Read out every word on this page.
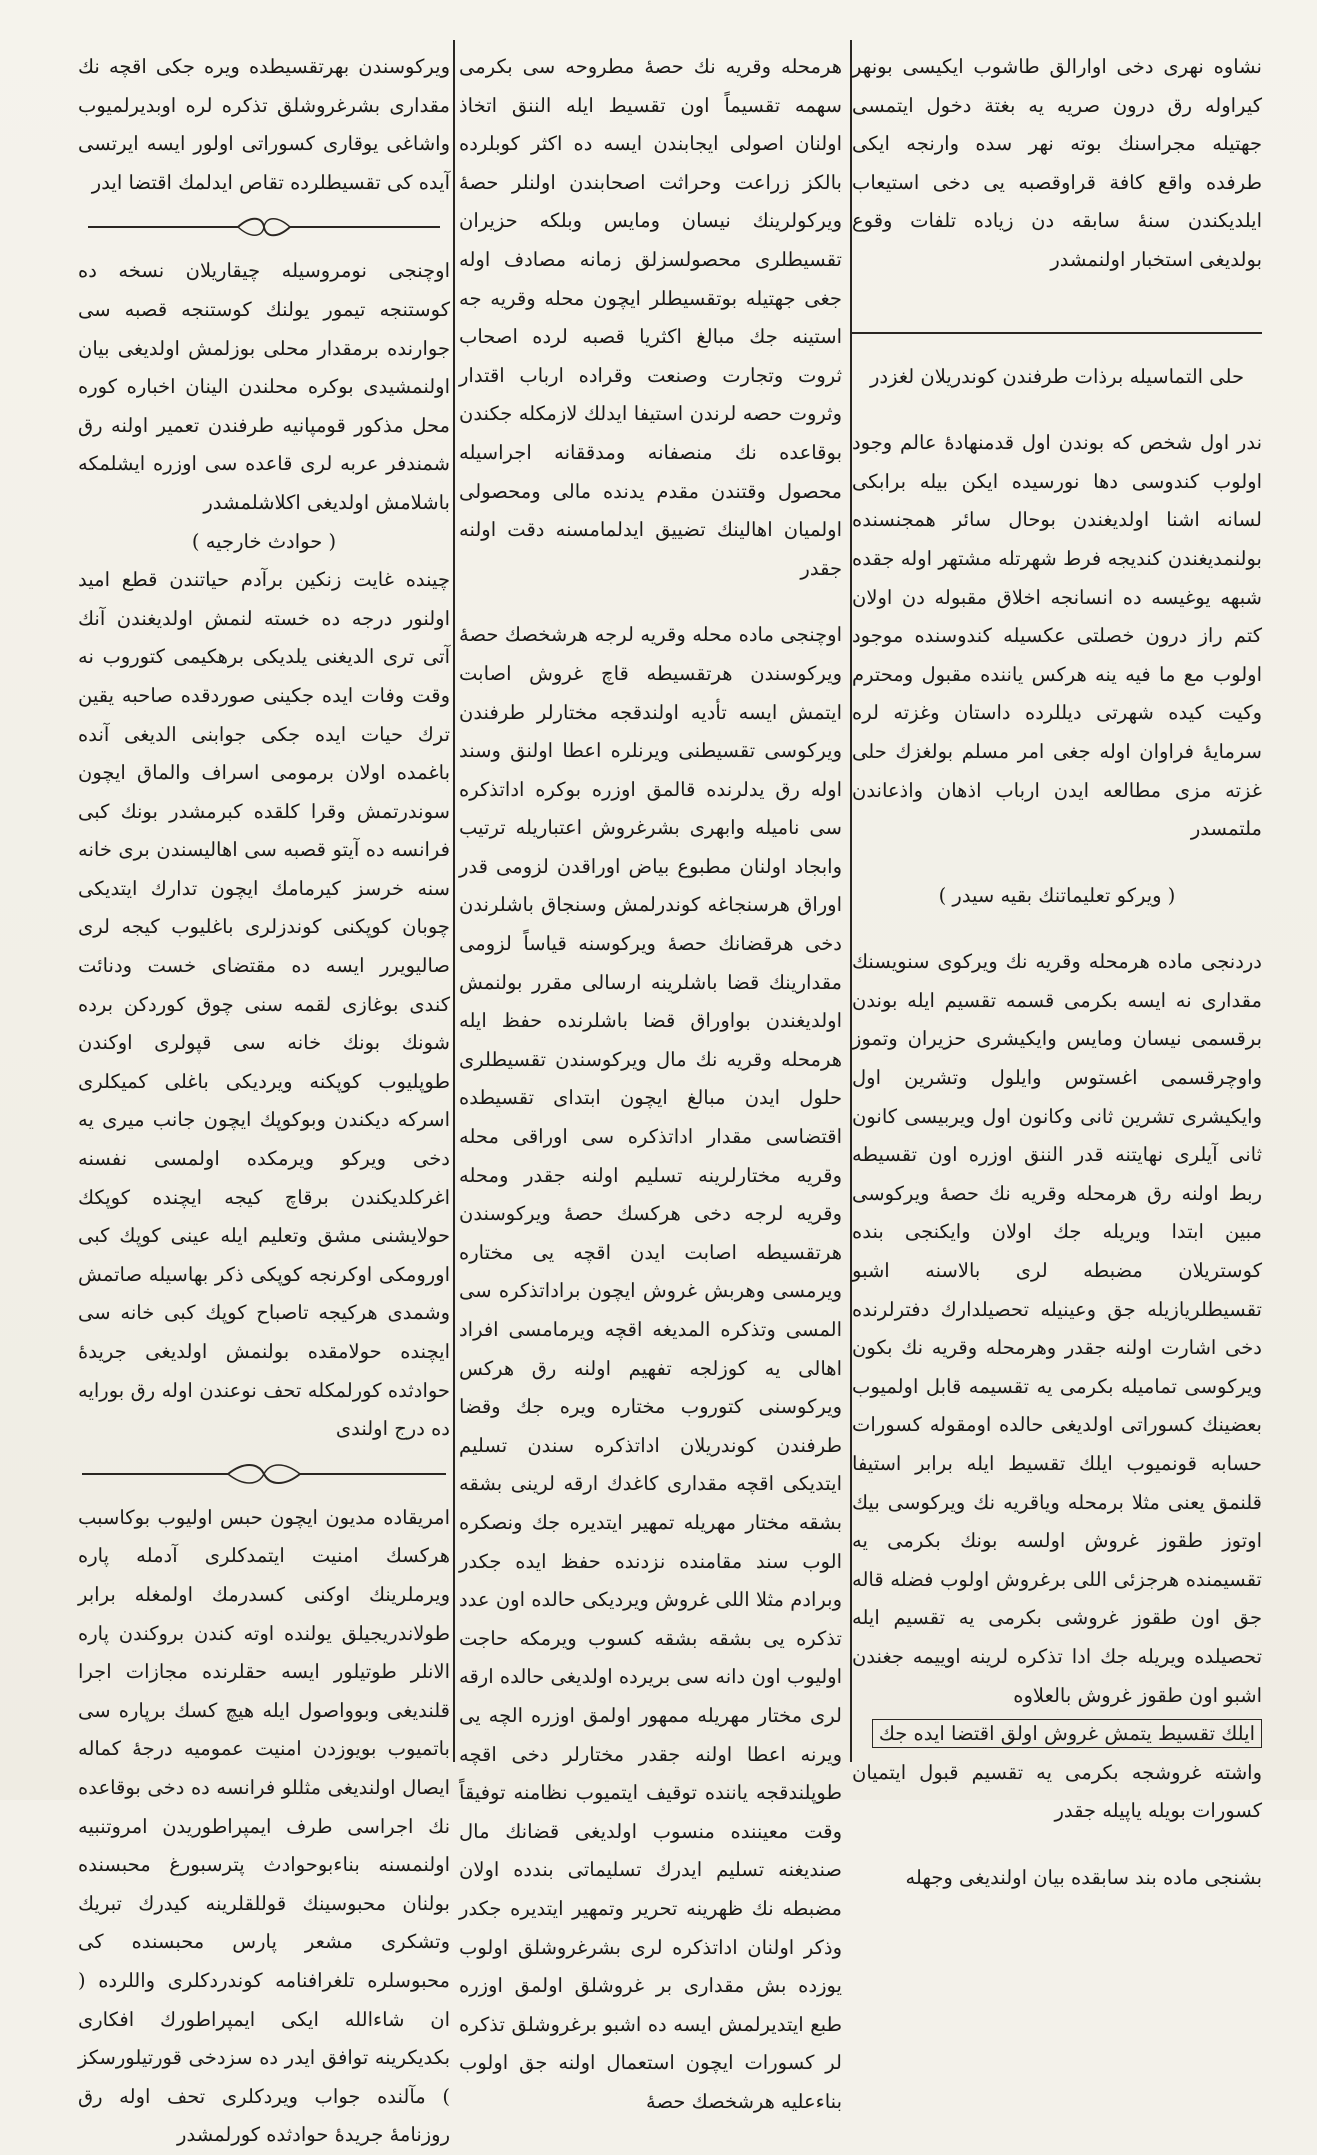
نشاوه نهری دخی اوارالق طاشوب ایکیسی بونهر کیراوله رق درون صریه یه بغتة دخول ایتمسی جهتیله مجراسنك بوته نهر سده وارنجه ایکی طرفده واقع کافة قراوقصبه یی دخی استیعاب ایلدیکندن سنهٔ سابقه دن زیاده تلفات وقوع بولدیغی استخبار اولنمشدر

حلی التماسیله برذات طرفندن کوندریلان لغزدر

ندر اول شخص که بوندن اول قدمنهادهٔ عالم وجود اولوب کندوسی دها نورسیده ایکن بیله برابکی لسانه اشنا اولدیغندن بوحال سائر همجنسنده بولنمدیغندن کندیجه فرط شهرتله مشتهر اوله جقده شبهه یوغیسه ده انسانجه اخلاق مقبوله دن اولان کتم راز درون خصلتی عکسیله کندوسنده موجود اولوب مع ما فیه ینه هرکس یاننده مقبول ومحترم وکیت کیده شهرتی دیللرده داستان وغزته لره سرمایهٔ فراوان اوله جغی امر مسلم بولغزك حلی غزته مزی مطالعه ایدن ارباب اذهان واذعاندن ملتمسدر

( ویرکو تعلیماتنك بقیه سیدر )

دردنجی ماده هرمحله وقریه نك ویرکوی سنویسنك مقداری نه ایسه بکرمی قسمه تقسیم ایله بوندن برقسمی نیسان ومایس وایکیشری حزیران وتموز واوچرقسمی اغستوس وایلول وتشرین اول وایکیشری تشرین ثانی وکانون اول ویربیسی کانون ثانی آیلری نهایتنه قدر الننق اوزره اون تقسیطه ربط اولنه رق هرمحله وقریه نك حصهٔ ویرکوسی مبین ابتدا ویریله جك اولان وایکنجی بنده کوستریلان مضبطه لری بالاسنه اشبو تقسیطلریازیله جق وعینیله تحصیلدارك دفترلرنده دخی اشارت اولنه جقدر وهرمحله وقریه نك بکون ویرکوسی تمامیله بکرمی یه تقسیمه قابل اولمیوب بعضینك کسوراتی اولدیغی حالده اومقوله کسورات حسابه قونمیوب ایلك تقسیط ایله برابر استیفا قلنمق یعنی مثلا برمحله ویاقریه نك ویرکوسی بیك اوتوز طقوز غروش اولسه بونك بکرمی یه تقسیمنده هرجزئی اللی برغروش اولوب فضله قاله جق اون طقوز غروشی بکرمی یه تقسیم ایله تحصیلده ویریله جك ادا تذکره لرینه اوییمه جغندن اشبو اون طقوز غروش بالعلاوه

ایلك تقسیط یتمش غروش اولق اقتضا ایده جك

واشته غروشجه بکرمی یه تقسیم قبول ایتمیان کسورات بویله یاپیله جقدر

بشنجی ماده بند سابقده بیان اولندیغی وجهله

هرمحله وقریه نك حصهٔ مطروحه سی بکرمی سهمه تقسیماً اون تقسیط ایله الننق اتخاذ اولنان اصولی ایجابندن ایسه ده اکثر کوبلرده بالکز زراعت وحراثت اصحابندن اولنلر حصهٔ ویرکولرینك نیسان ومایس وبلکه حزیران تقسیطلری محصولسزلق زمانه مصادف اوله جغی جهتیله بوتقسیطلر ایچون محله وقریه جه استینه جك مبالغ اکثریا قصبه لرده اصحاب ثروت وتجارت وصنعت وقراده ارباب اقتدار وثروت حصه لرندن استیفا ایدلك لازمکله جکندن بوقاعده نك منصفانه ومدققانه اجراسیله محصول وقتندن مقدم یدنده مالی ومحصولی اولمیان اهالینك تضییق ایدلمامسنه دقت اولنه جقدر

اوچنجی ماده محله وقریه لرجه هرشخصك حصهٔ ویرکوسندن هرتقسیطه قاچ غروش اصابت ایتمش ایسه تأدیه اولندقجه مختارلر طرفندن ویرکوسی تقسیطنی ویرنلره اعطا اولنق وسند اوله رق یدلرنده قالمق اوزره بوکره اداتذکره سی نامیله وابهری بشرغروش اعتباریله ترتیب وابجاد اولنان مطبوع بیاض اوراقدن لزومی قدر اوراق هرسنجاغه کوندرلمش وسنجاق باشلرندن دخی هرقضانك حصهٔ ویرکوسنه قیاساً لزومی مقدارینك قضا باشلرینه ارسالی مقرر بولنمش اولدیغندن بواوراق قضا باشلرنده حفظ ایله هرمحله وقریه نك مال ویرکوسندن تقسیطلری حلول ایدن مبالغ ایچون ابتدای تقسیطده اقتضاسی مقدار اداتذکره سی اوراقی محله وقریه مختارلرینه تسلیم اولنه جقدر ومحله وقریه لرجه دخی هرکسك حصهٔ ویرکوسندن هرتقسیطه اصابت ایدن اقچه یی مختاره ویرمسی وهربش غروش ایچون براداتذکره سی المسی وتذکره المدیغه اقچه ویرمامسی افراد اهالی یه کوزلجه تفهیم اولنه رق هرکس ویرکوسنی کتوروب مختاره ویره جك وقضا طرفندن کوندریلان اداتذکره سندن تسلیم ایتدیکی اقچه مقداری کاغدك ارقه لرینی بشقه بشقه مختار مهریله تمهیر ایتدیره جك ونصکره الوب سند مقامنده نزدنده حفظ ایده جکدر وبرادم مثلا اللی غروش ویردیکی حالده اون عدد تذکره یی بشقه بشقه کسوب ویرمکه حاجت اولیوب اون دانه سی بریرده اولدیغی حالده ارقه لری مختار مهریله ممهور اولمق اوزره الچه یی ویرنه اعطا اولنه جقدر مختارلر دخی اقچه طوپلندقجه یاننده توقیف ایتمیوب نظامنه توفیقاً وقت معیننده منسوب اولدیغی قضانك مال صندیغنه تسلیم ایدرك تسلیماتی بندده اولان مضبطه نك ظهرینه تحریر وتمهیر ایتدیره جکدر وذکر اولنان اداتذکره لری بشرغروشلق اولوب یوزده بش مقداری بر غروشلق اولمق اوزره طبع ایتدیرلمش ایسه ده اشبو برغروشلق تذکره لر کسورات ایچون استعمال اولنه جق اولوب بناءعلیه هرشخصك حصهٔ

ویرکوسندن بهرتقسیطده ویره جکی اقچه نك مقداری بشرغروشلق تذکره لره اوبدیرلمیوب واشاغی یوقاری کسوراتی اولور ایسه ایرتسی آیده کی تقسیطلرده تقاص ایدلمك اقتضا ایدر

اوچنجی نومروسیله چیقاریلان نسخه ده کوستنجه تیمور یولنك کوستنجه قصبه سی جوارنده برمقدار محلی بوزلمش اولدیغی بیان اولنمشیدی بوکره محلندن الینان اخباره کوره محل مذکور قومپانیه طرفندن تعمیر اولنه رق شمندفر عربه لری قاعده سی اوزره ایشلمکه باشلامش اولدیغی اکلاشلمشدر

( حوادث خارجیه )

چینده غایت زنکین برآدم حیاتندن قطع امید اولنور درجه ده خسته لنمش اولدیغندن آنك آتی تری الدیغنی یلدیکی برهکیمی کتوروب نه وقت وفات ایده جکینی صوردقده صاحبه یقین ترك حیات ایده جکی جوابنی الدیغی آنده باغمده اولان برمومی اسراف والماق ایچون سوندرتمش وقرا کلقده کبرمشدر بونك کبی فرانسه ده آیتو قصبه سی اهالیسندن بری خانه سنه خرسز کیرمامك ایچون تدارك ایتدیکی چوبان کوپکنی کوندزلری باغلیوب کیجه لری صالیویرر ایسه ده مقتضای خست ودنائت کندی بوغازی لقمه سنی چوق کوردکن برده شونك بونك خانه سی قپولری اوکندن طوپلیوب کوپکنه ویردیکی باغلی کمیکلری اسرکه دیکندن وبوکوپك ایچون جانب میری یه دخی ویرکو ویرمکده اولمسی نفسنه اغرکلدیکندن برقاچ کیجه ایچنده کوپکك حولایشنی مشق وتعلیم ایله عینی کوپك کبی اورومکی اوکرنجه کوپکی ذکر بهاسیله صاتمش وشمدی هرکیجه تاصباح کوپك کبی خانه سی ایچنده حولامقده بولنمش اولدیغی جریدهٔ حوادثده کورلمکله تحف نوعندن اوله رق بورایه ده درج اولندی

امریقاده مدیون ایچون حبس اولیوب بوکاسبب هرکسك امنیت ایتمدکلری آدمله پاره ویرملرینك اوکنی کسدرمك اولمغله برابر طولاندریجیلق یولنده اوته کندن بروکندن پاره الانلر طوتیلور ایسه حقلرنده مجازات اجرا قلندیغی وبوواصول ایله هیچ کسك برپاره سی باتمیوب بویوزدن امنیت عمومیه درجهٔ کماله ایصال اولندیغی مثللو فرانسه ده دخی بوقاعده نك اجراسی طرف ایمپراطوریدن امروتنبیه اولنمسنه بناءبوحوادث پترسبورغ محبسنده بولنان محبوسینك قوللقلرینه کیدرك تبریك وتشکری مشعر پارس محبسنده کی محبوسلره تلغرافنامه کوندردکلری واللرده ( ان شاءالله ایکی ایمپراطورك افکاری بکدیکرینه توافق ایدر ده سزدخی قورتیلورسکز ) مآلنده جواب ویردکلری تحف اوله رق روزنامهٔ جریدهٔ حوادثده کورلمشدر
